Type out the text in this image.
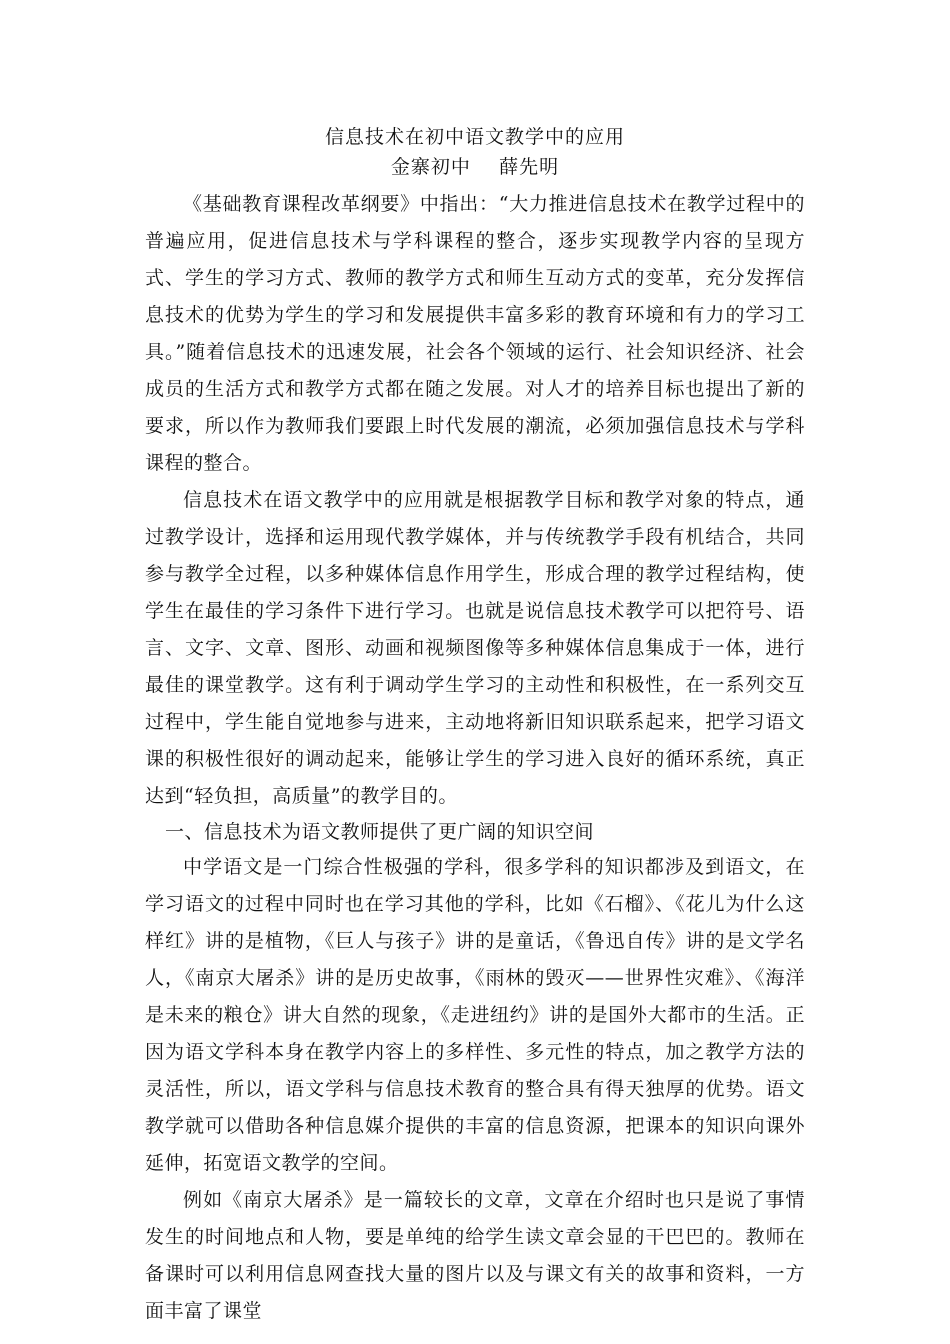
信息技术在初中语文教学中的应用
金寨初中    薛先明

《基础教育课程改革纲要》中指出：“大力推进信息技术在教学过程中的普遍应用，促进信息技术与学科课程的整合，逐步实现教学内容的呈现方式、学生的学习方式、教师的教学方式和师生互动方式的变革，充分发挥信息技术的优势为学生的学习和发展提供丰富多彩的教育环境和有力的学习工具。”随着信息技术的迅速发展，社会各个领域的运行、社会知识经济、社会成员的生活方式和教学方式都在随之发展。对人才的培养目标也提出了新的要求，所以作为教师我们要跟上时代发展的潮流，必须加强信息技术与学科课程的整合。

信息技术在语文教学中的应用就是根据教学目标和教学对象的特点，通过教学设计，选择和运用现代教学媒体，并与传统教学手段有机结合，共同参与教学全过程，以多种媒体信息作用学生，形成合理的教学过程结构，使学生在最佳的学习条件下进行学习。也就是说信息技术教学可以把符号、语言、文字、文章、图形、动画和视频图像等多种媒体信息集成于一体，进行最佳的课堂教学。这有利于调动学生学习的主动性和积极性，在一系列交互过程中，学生能自觉地参与进来，主动地将新旧知识联系起来，把学习语文课的积极性很好的调动起来，能够让学生的学习进入良好的循环系统，真正达到“轻负担，高质量”的教学目的。

一、信息技术为语文教师提供了更广阔的知识空间

中学语文是一门综合性极强的学科，很多学科的知识都涉及到语文，在学习语文的过程中同时也在学习其他的学科，比如《石榴》、《花儿为什么这样红》讲的是植物，《巨人与孩子》讲的是童话，《鲁迅自传》讲的是文学名人，《南京大屠杀》讲的是历史故事，《雨林的毁灭——世界性灾难》、《海洋是未来的粮仓》讲大自然的现象，《走进纽约》讲的是国外大都市的生活。正因为语文学科本身在教学内容上的多样性、多元性的特点，加之教学方法的灵活性，所以，语文学科与信息技术教育的整合具有得天独厚的优势。语文教学就可以借助各种信息媒介提供的丰富的信息资源，把课本的知识向课外延伸，拓宽语文教学的空间。

例如《南京大屠杀》是一篇较长的文章，文章在介绍时也只是说了事情发生的时间地点和人物，要是单纯的给学生读文章会显的干巴巴的。教师在备课时可以利用信息网查找大量的图片以及与课文有关的故事和资料，一方面丰富了课堂
